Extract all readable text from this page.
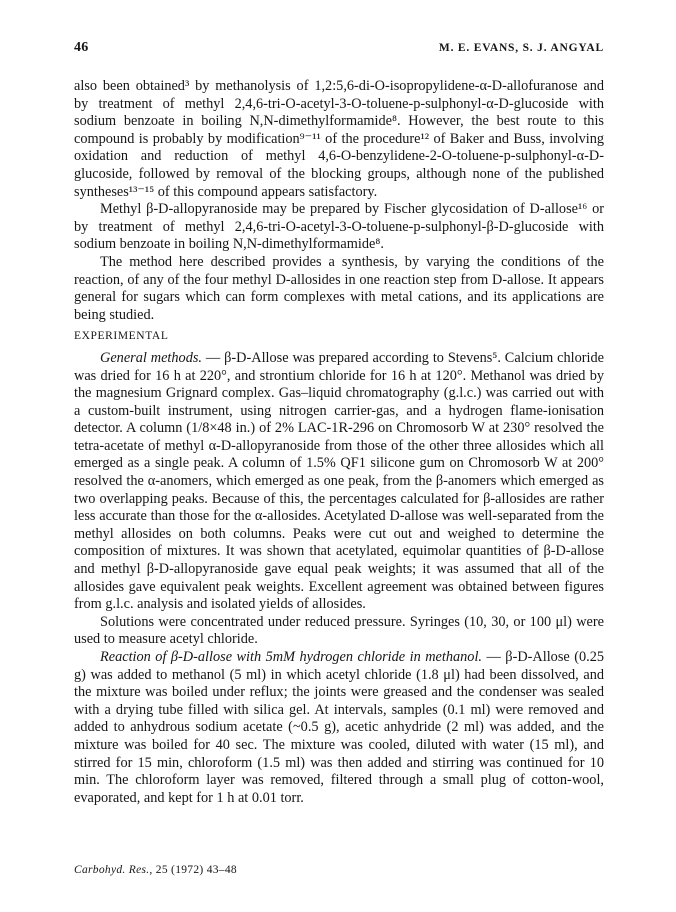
46	M. E. EVANS, S. J. ANGYAL

also been obtained³ by methanolysis of 1,2:5,6-di-O-isopropylidene-α-D-allofuranose and by treatment of methyl 2,4,6-tri-O-acetyl-3-O-toluene-p-sulphonyl-α-D-glucoside with sodium benzoate in boiling N,N-dimethylformamide⁸. However, the best route to this compound is probably by modification⁹⁻¹¹ of the procedure¹² of Baker and Buss, involving oxidation and reduction of methyl 4,6-O-benzylidene-2-O-toluene-p-sulphonyl-α-D-glucoside, followed by removal of the blocking groups, although none of the published syntheses¹³⁻¹⁵ of this compound appears satisfactory.

Methyl β-D-allopyranoside may be prepared by Fischer glycosidation of D-allose¹⁶ or by treatment of methyl 2,4,6-tri-O-acetyl-3-O-toluene-p-sulphonyl-β-D-glucoside with sodium benzoate in boiling N,N-dimethylformamide⁸.

The method here described provides a synthesis, by varying the conditions of the reaction, of any of the four methyl D-allosides in one reaction step from D-allose. It appears general for sugars which can form complexes with metal cations, and its applications are being studied.

EXPERIMENTAL

General methods. — β-D-Allose was prepared according to Stevens⁵. Calcium chloride was dried for 16 h at 220°, and strontium chloride for 16 h at 120°. Methanol was dried by the magnesium Grignard complex. Gas–liquid chromatography (g.l.c.) was carried out with a custom-built instrument, using nitrogen carrier-gas, and a hydrogen flame-ionisation detector. A column (1/8×48 in.) of 2% LAC-1R-296 on Chromosorb W at 230° resolved the tetra-acetate of methyl α-D-allopyranoside from those of the other three allosides which all emerged as a single peak. A column of 1.5% QF1 silicone gum on Chromosorb W at 200° resolved the α-anomers, which emerged as one peak, from the β-anomers which emerged as two overlapping peaks. Because of this, the percentages calculated for β-allosides are rather less accurate than those for the α-allosides. Acetylated D-allose was well-separated from the methyl allosides on both columns. Peaks were cut out and weighed to determine the composition of mixtures. It was shown that acetylated, equimolar quantities of β-D-allose and methyl β-D-allopyranoside gave equal peak weights; it was assumed that all of the allosides gave equivalent peak weights. Excellent agreement was obtained between figures from g.l.c. analysis and isolated yields of allosides.

Solutions were concentrated under reduced pressure. Syringes (10, 30, or 100 μl) were used to measure acetyl chloride.

Reaction of β-D-allose with 5mM hydrogen chloride in methanol. — β-D-Allose (0.25 g) was added to methanol (5 ml) in which acetyl chloride (1.8 μl) had been dissolved, and the mixture was boiled under reflux; the joints were greased and the condenser was sealed with a drying tube filled with silica gel. At intervals, samples (0.1 ml) were removed and added to anhydrous sodium acetate (~0.5 g), acetic anhydride (2 ml) was added, and the mixture was boiled for 40 sec. The mixture was cooled, diluted with water (15 ml), and stirred for 15 min, chloroform (1.5 ml) was then added and stirring was continued for 10 min. The chloroform layer was removed, filtered through a small plug of cotton-wool, evaporated, and kept for 1 h at 0.01 torr.

Carbohyd. Res., 25 (1972) 43–48
